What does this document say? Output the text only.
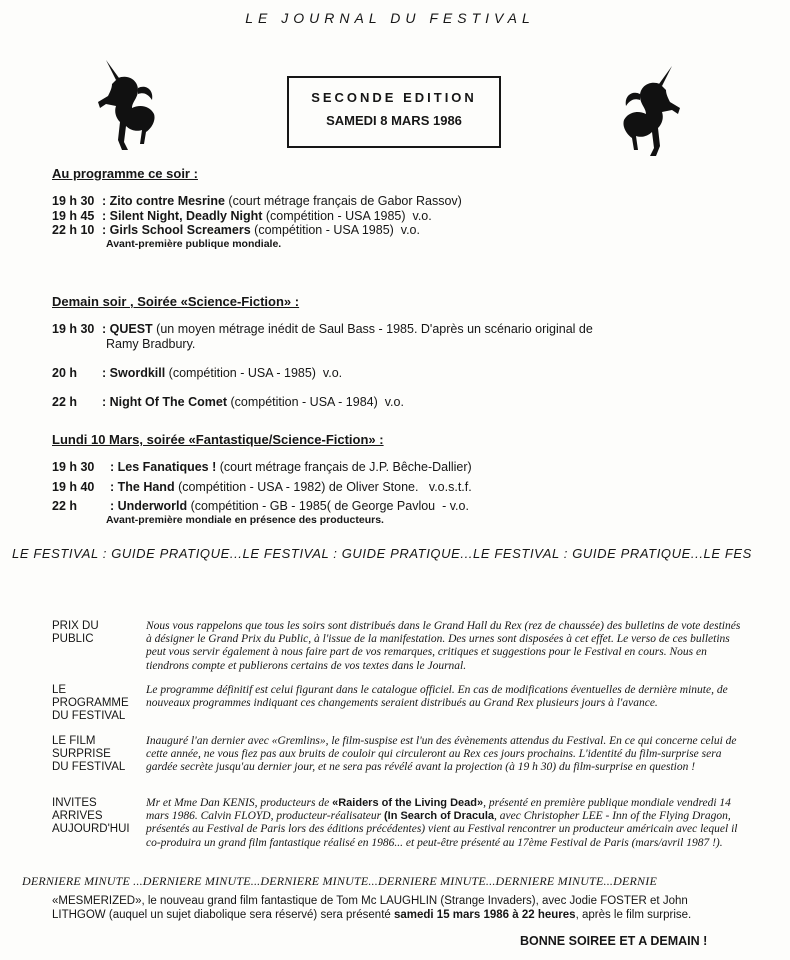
LE JOURNAL DU FESTIVAL
SECONDE EDITION
SAMEDI 8 MARS 1986
Au programme ce soir :
19 h 30 : Zito contre Mesrine (court métrage français de Gabor Rassov)
19 h 45 : Silent Night, Deadly Night (compétition - USA 1985) v.o.
22 h 10 : Girls School Screamers (compétition - USA 1985) v.o.
Avant-première publique mondiale.
Demain soir , Soirée «Science-Fiction» :
19 h 30 : QUEST (un moyen métrage inédit de Saul Bass - 1985. D'après un scénario original de
Ramy Bradbury.
20 h : Swordkill (compétition - USA - 1985) v.o.
22 h : Night Of The Comet (compétition - USA - 1984) v.o.
Lundi 10 Mars, soirée «Fantastique/Science-Fiction» :
19 h 30 : Les Fanatiques ! (court métrage français de J.P. Bêche-Dallier)
19 h 40 : The Hand (compétition - USA - 1982) de Oliver Stone. v.o.s.t.f.
22 h	: Underworld (compétition - GB - 1985( de George Pavlou - v.o.
Avant-première mondiale en présence des producteurs.
LE FESTIVAL : GUIDE PRATIQUE...LE FESTIVAL : GUIDE PRATIQUE...LE FESTIVAL : GUIDE PRATIQUE...LE FES
PRIX DU
PUBLIC
Nous vous rappelons que tous les soirs sont distribués dans le Grand Hall du Rex (rez de chaussée) des bulletins de vote destinés à désigner le Grand Prix du Public, à l'issue de la manifestation. Des urnes sont disposées à cet effet. Le verso de ces bulletins peut vous servir également à nous faire part de vos remarques, critiques et suggestions pour le Festival en cours. Nous en tiendrons compte et publierons certains de vos textes dans le Journal.
LE
PROGRAMME
DU FESTIVAL
Le programme définitif est celui figurant dans le catalogue officiel. En cas de modifications éventuelles de dernière minute, de nouveaux programmes indiquant ces changements seraient distribués au Grand Rex plusieurs jours à l'avance.
LE FILM
SURPRISE
DU FESTIVAL
Inauguré l'an dernier avec «Gremlins», le film-suspise est l'un des évènements attendus du Festival. En ce qui concerne celui de cette année, ne vous fiez pas aux bruits de couloir qui circuleront au Rex ces jours prochains. L'identité du film-surprise sera gardée secrète jusqu'au dernier jour, et ne sera pas révélé avant la projection (à 19 h 30) du film-surprise en question !
INVITES
ARRIVES
AUJOURD'HUI
Mr et Mme Dan KENIS, producteurs de «Raiders of the Living Dead», présenté en première publique mondiale vendredi 14 mars 1986. Calvin FLOYD, producteur-réalisateur (In Search of Dracula, avec Christopher LEE - Inn of the Flying Dragon, présentés au Festival de Paris lors des éditions précédentes) vient au Festival rencontrer un producteur américain avec lequel il co-produira un grand film fantastique réalisé en 1986... et peut-être présenté au 17ème Festival de Paris (mars/avril 1987 !).
DERNIERE MINUTE ...DERNIERE MINUTE...DERNIERE MINUTE...DERNIERE MINUTE...DERNIERE MINUTE...DERNIE
«MESMERIZED», le nouveau grand film fantastique de Tom Mc LAUGHLIN (Strange Invaders), avec Jodie FOSTER et John LITHGOW (auquel un sujet diabolique sera réservé) sera présenté samedi 15 mars 1986 à 22 heures, après le film surprise.
BONNE SOIREE ET A DEMAIN !
